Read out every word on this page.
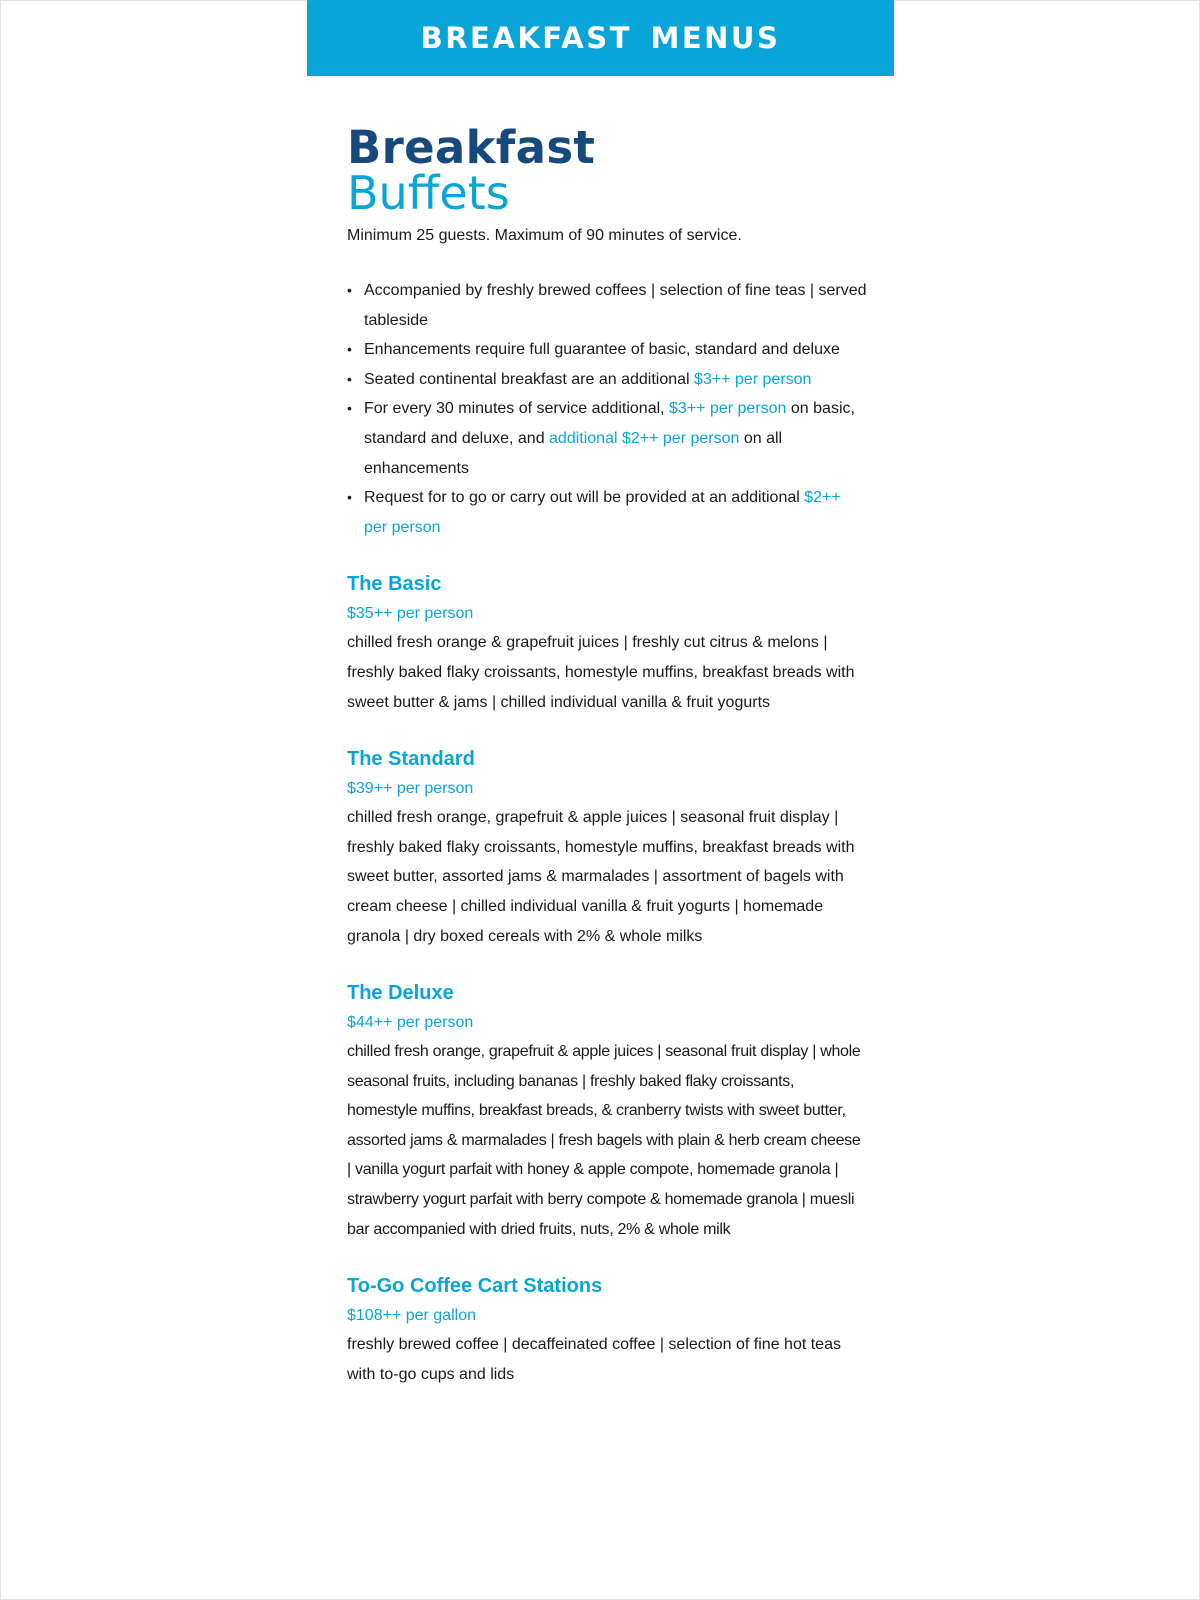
BREAKFAST MENUS
Breakfast
Buffets

Minimum 25 guests. Maximum of 90 minutes of service.

• Accompanied by freshly brewed coffees | selection of fine teas | served tableside
• Enhancements require full guarantee of basic, standard and deluxe
• Seated continental breakfast are an additional $3++ per person
• For every 30 minutes of service additional, $3++ per person on basic, standard and deluxe, and additional $2++ per person on all enhancements
• Request for to go or carry out will be provided at an additional $2++ per person
The Basic
$35++ per person
chilled fresh orange & grapefruit juices | freshly cut citrus & melons | freshly baked flaky croissants, homestyle muffins, breakfast breads with sweet butter & jams | chilled individual vanilla & fruit yogurts
The Standard
$39++ per person
chilled fresh orange, grapefruit & apple juices | seasonal fruit display | freshly baked flaky croissants, homestyle muffins, breakfast breads with sweet butter, assorted jams & marmalades | assortment of bagels with cream cheese | chilled individual vanilla & fruit yogurts | homemade granola | dry boxed cereals with 2% & whole milks
The Deluxe
$44++ per person
chilled fresh orange, grapefruit & apple juices | seasonal fruit display | whole seasonal fruits, including bananas | freshly baked flaky croissants, homestyle muffins, breakfast breads, & cranberry twists with sweet butter, assorted jams & marmalades | fresh bagels with plain & herb cream cheese | vanilla yogurt parfait with honey & apple compote, homemade granola | strawberry yogurt parfait with berry compote & homemade granola | muesli bar accompanied with dried fruits, nuts, 2% & whole milk
To-Go Coffee Cart Stations
$108++ per gallon
freshly brewed coffee | decaffeinated coffee | selection of fine hot teas with to-go cups and lids
